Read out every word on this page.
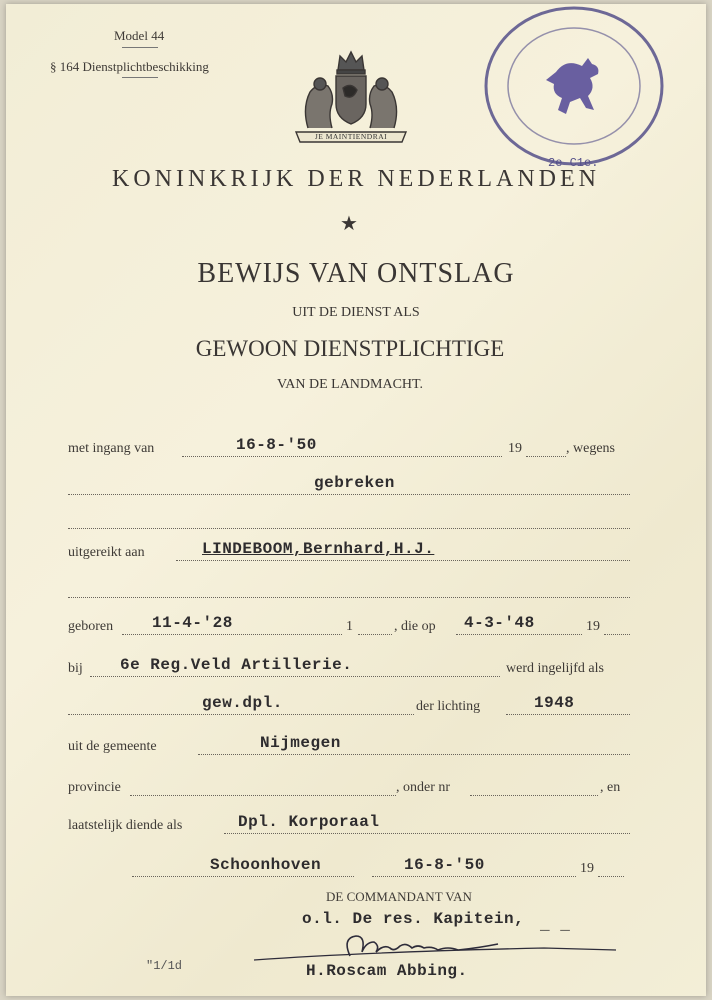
Model 44
§ 164 Dienstplichtbeschikking
JE MAINTIENDRAI
2e C1e.
KONINKRIJK DER NEDERLANDEN
★
BEWIJS VAN ONTSLAG
UIT DE DIENST ALS
GEWOON DIENSTPLICHTIGE
VAN DE LANDMACHT.
met ingang van	16-8-'50	19	, wegens
gebreken
uitgereikt aan	LINDEBOOM,Bernhard,H.J.
geboren 11-4-'28	1	, die op 4-3-'48	19
bij 6e Reg.Veld Artillerie.	werd ingelijfd als
gew.dpl.	der lichting	1948
uit de gemeente	Nijmegen
provincie	, onder nr	, en
laatstelijk diende als	Dpl. Korporaal
Schoonhoven	16-8-'50	19
DE COMMANDANT VAN
o.l. De res. Kapitein, _ _
H.Roscam Abbing.
"1/1d
